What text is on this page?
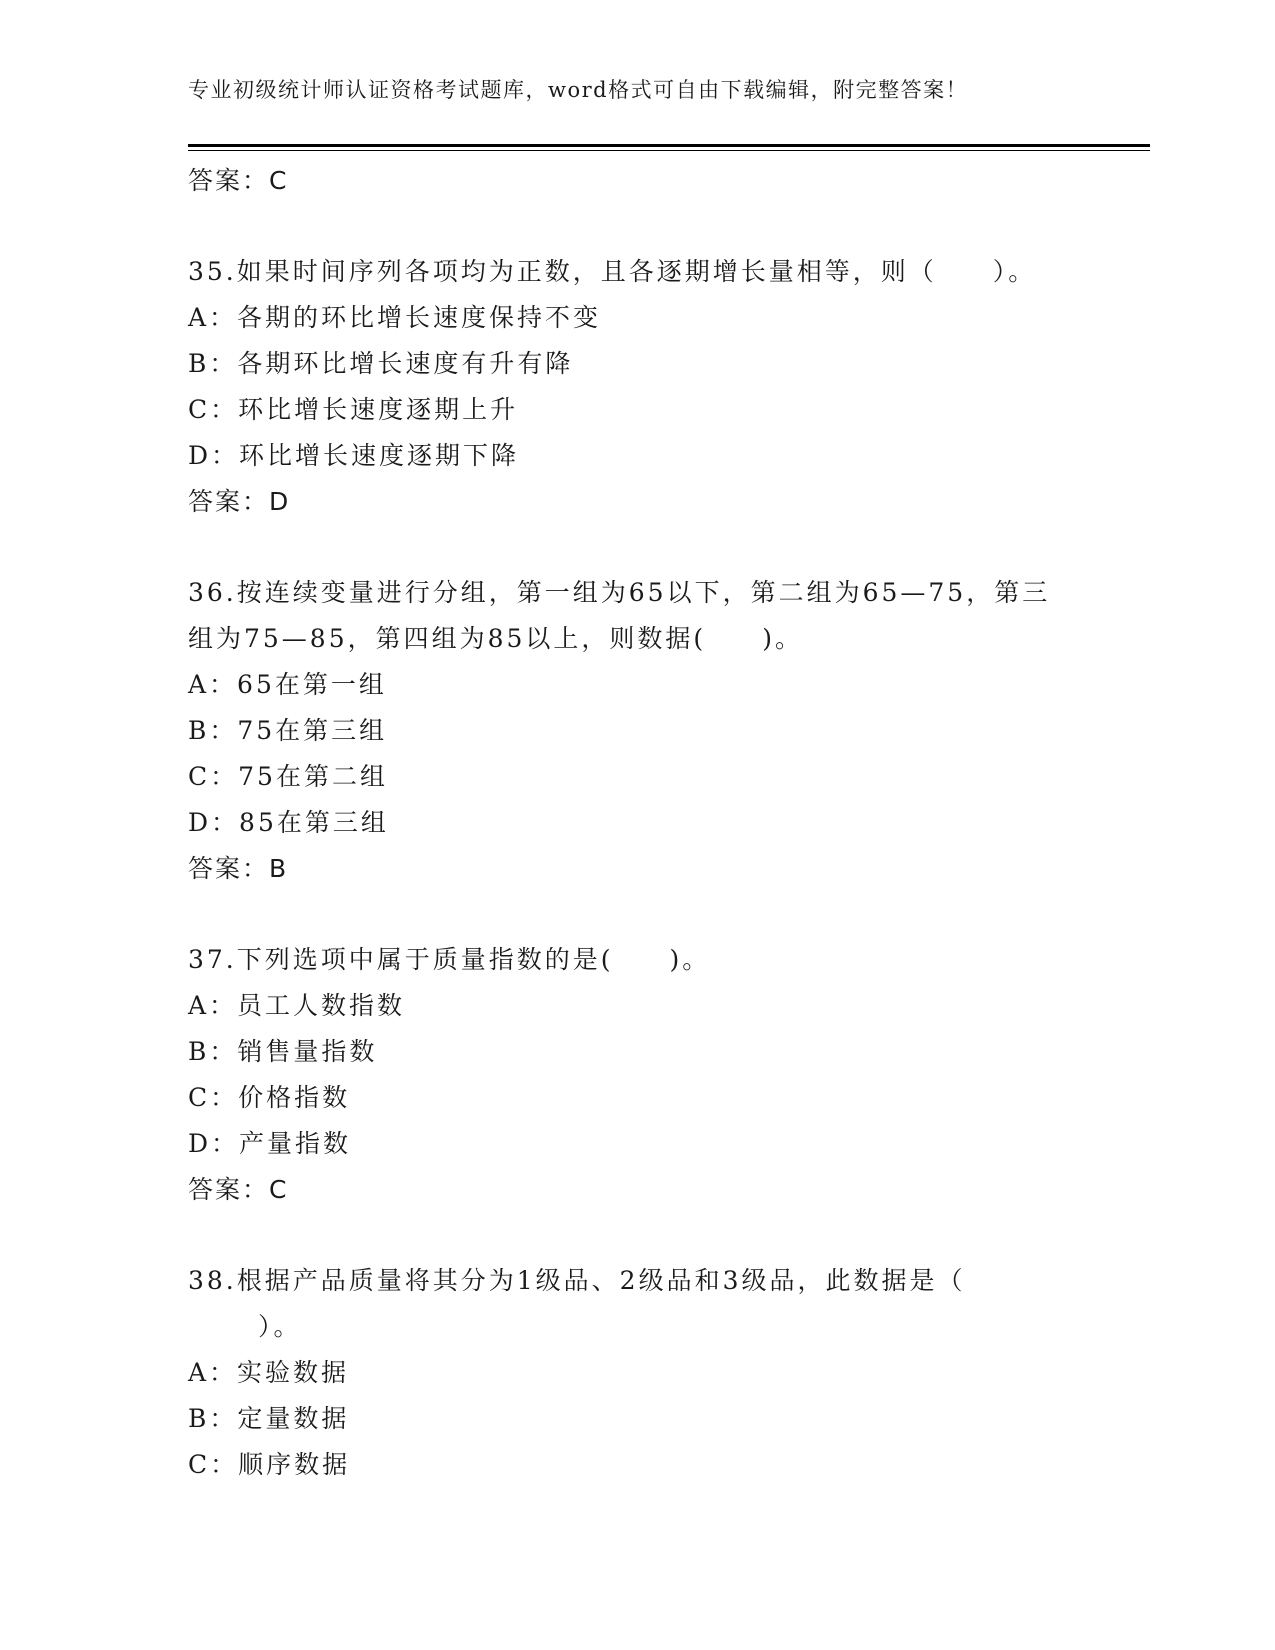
专业初级统计师认证资格考试题库，word格式可自由下载编辑，附完整答案！
答案：C
35.如果时间序列各项均为正数，且各逐期增长量相等，则（　　）。
A：各期的环比增长速度保持不变
B：各期环比增长速度有升有降
C：环比增长速度逐期上升
D：环比增长速度逐期下降
答案：D
36.按连续变量进行分组，第一组为65以下，第二组为65—75，第三
组为75—85，第四组为85以上，则数据(　　)。
A：65在第一组
B：75在第三组
C：75在第二组
D：85在第三组
答案：B
37.下列选项中属于质量指数的是(　　)。
A：员工人数指数
B：销售量指数
C：价格指数
D：产量指数
答案：C
38.根据产品质量将其分为1级品、2级品和3级品，此数据是（
）。
A：实验数据
B：定量数据
C：顺序数据
